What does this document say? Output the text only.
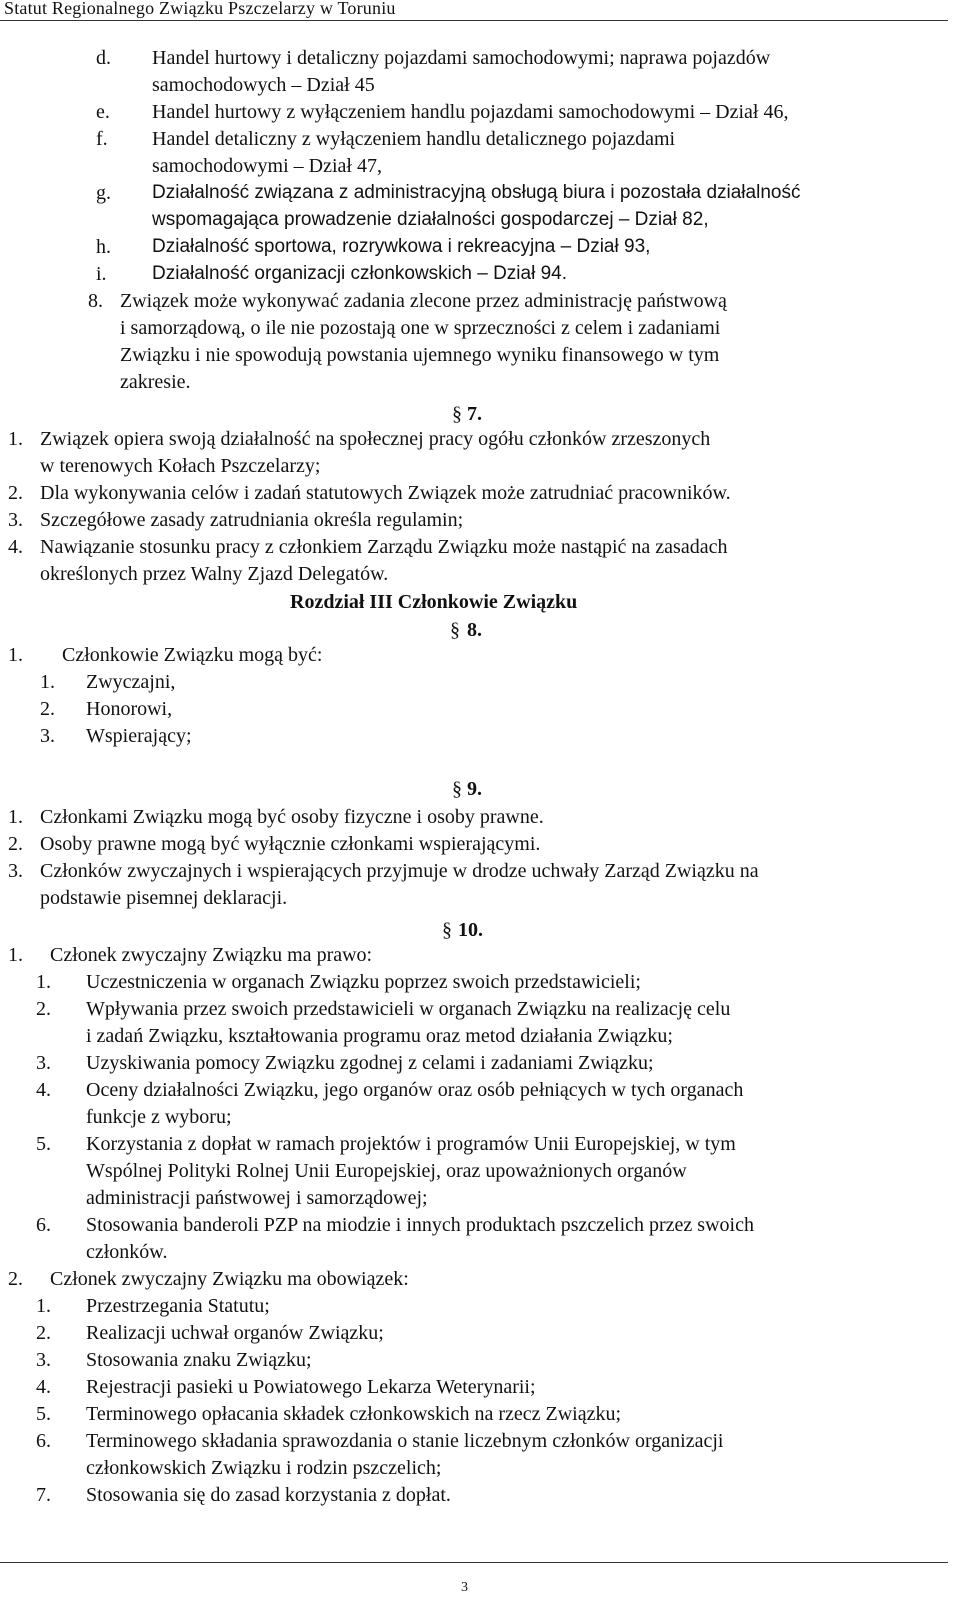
Statut Regionalnego Związku Pszczelarzy w Toruniu
d. Handel hurtowy i detaliczny pojazdami samochodowymi; naprawa pojazdów
samochodowych – Dział 45
e. Handel hurtowy z wyłączeniem handlu pojazdami samochodowymi – Dział 46,
f. Handel detaliczny z wyłączeniem handlu detalicznego pojazdami
samochodowymi – Dział 47,
g. Działalność związana z administracyjną obsługą biura i pozostała działalność
wspomagająca prowadzenie działalności gospodarczej – Dział 82,
h. Działalność sportowa, rozrywkowa i rekreacyjna – Dział 93,
i. Działalność organizacji członkowskich – Dział 94.
8. Związek może wykonywać zadania zlecone przez administrację państwową
i samorządową, o ile nie pozostają one w sprzeczności z celem i zadaniami
Związku i nie spowodują powstania ujemnego wyniku finansowego w tym
zakresie.
§ 7.
1. Związek opiera swoją działalność na społecznej pracy ogółu członków zrzeszonych
w terenowych Kołach Pszczelarzy;
2. Dla wykonywania celów i zadań statutowych Związek może zatrudniać pracowników.
3. Szczegółowe zasady zatrudniania określa regulamin;
4. Nawiązanie stosunku pracy z członkiem Zarządu Związku może nastąpić na zasadach
określonych przez Walny Zjazd Delegatów.
Rozdział III Członkowie Związku
§ 8.
1. Członkowie Związku mogą być:
1. Zwyczajni,
2. Honorowi,
3. Wspierający;
§ 9.
1. Członkami Związku mogą być osoby fizyczne i osoby prawne.
2. Osoby prawne mogą być wyłącznie członkami wspierającymi.
3. Członków zwyczajnych i wspierających przyjmuje w drodze uchwały Zarząd Związku na
podstawie pisemnej deklaracji.
§ 10.
1. Członek zwyczajny Związku ma prawo:
1. Uczestniczenia w organach Związku poprzez swoich przedstawicieli;
2. Wpływania przez swoich przedstawicieli w organach Związku na realizację celu
i zadań Związku, kształtowania programu oraz metod działania Związku;
3. Uzyskiwania pomocy Związku zgodnej z celami i zadaniami Związku;
4. Oceny działalności Związku, jego organów oraz osób pełniących w tych organach
funkcje z wyboru;
5. Korzystania z dopłat w ramach projektów i programów Unii Europejskiej, w tym
Wspólnej Polityki Rolnej Unii Europejskiej, oraz upoważnionych organów
administracji państwowej i samorządowej;
6. Stosowania banderoli PZP na miodzie i innych produktach pszczelich przez swoich
członków.
2. Członek zwyczajny Związku ma obowiązek:
1. Przestrzegania Statutu;
2. Realizacji uchwał organów Związku;
3. Stosowania znaku Związku;
4. Rejestracji pasieki u Powiatowego Lekarza Weterynarii;
5. Terminowego opłacania składek członkowskich na rzecz Związku;
6. Terminowego składania sprawozdania o stanie liczebnym członków organizacji
członkowskich Związku i rodzin pszczelich;
7. Stosowania się do zasad korzystania z dopłat.
3
